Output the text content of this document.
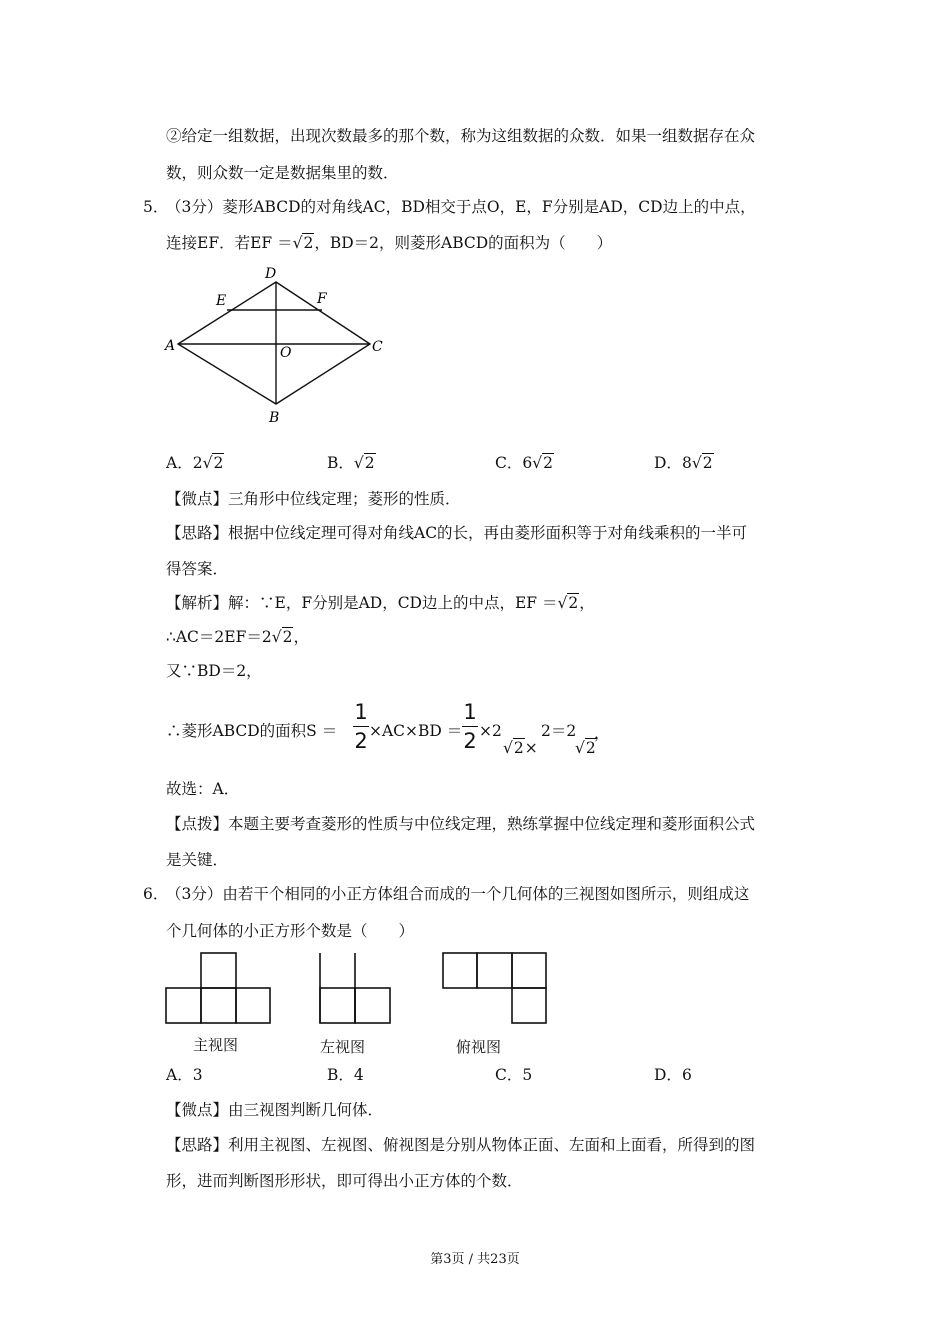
②给定一组数据，出现次数最多的那个数，称为这组数据的众数．如果一组数据存在众
数，则众数一定是数据集里的数．
5．
（3分）菱形ABCD的对角线AC，BD相交于点O，E，F分别是AD，CD边上的中点，
连接EF．若EF ＝√2，BD＝2，则菱形ABCD的面积为（　　）
D
E	F
A	O	C
B
A．2√2	B．√2	C．6√2	D．8√2
【微点】三角形中位线定理；菱形的性质．
【思路】根据中位线定理可得对角线AC的长，再由菱形面积等于对角线乘积的一半可
得答案．
【解析】解：∵E，F分别是AD，CD边上的中点，EF ＝√2，
∴AC＝2EF＝2√2，
又∵BD＝2，
∴菱形ABCD的面积S ＝
1
2 ×AC×BD ＝
1
2 ×2	2＝2
√2× √2
，
故选：A．
【点拨】本题主要考查菱形的性质与中位线定理，熟练掌握中位线定理和菱形面积公式
是关键．
6．
（3分）由若干个相同的小正方体组合而成的一个几何体的三视图如图所示，则组成这
个几何体的小正方形个数是（　　）
主视图	左视图	俯视图
A．3	B．4	C．5	D．6
【微点】由三视图判断几何体．
【思路】利用主视图、左视图、俯视图是分别从物体正面、左面和上面看，所得到的图
形，进而判断图形形状，即可得出小正方体的个数．
第3页 / 共23页
